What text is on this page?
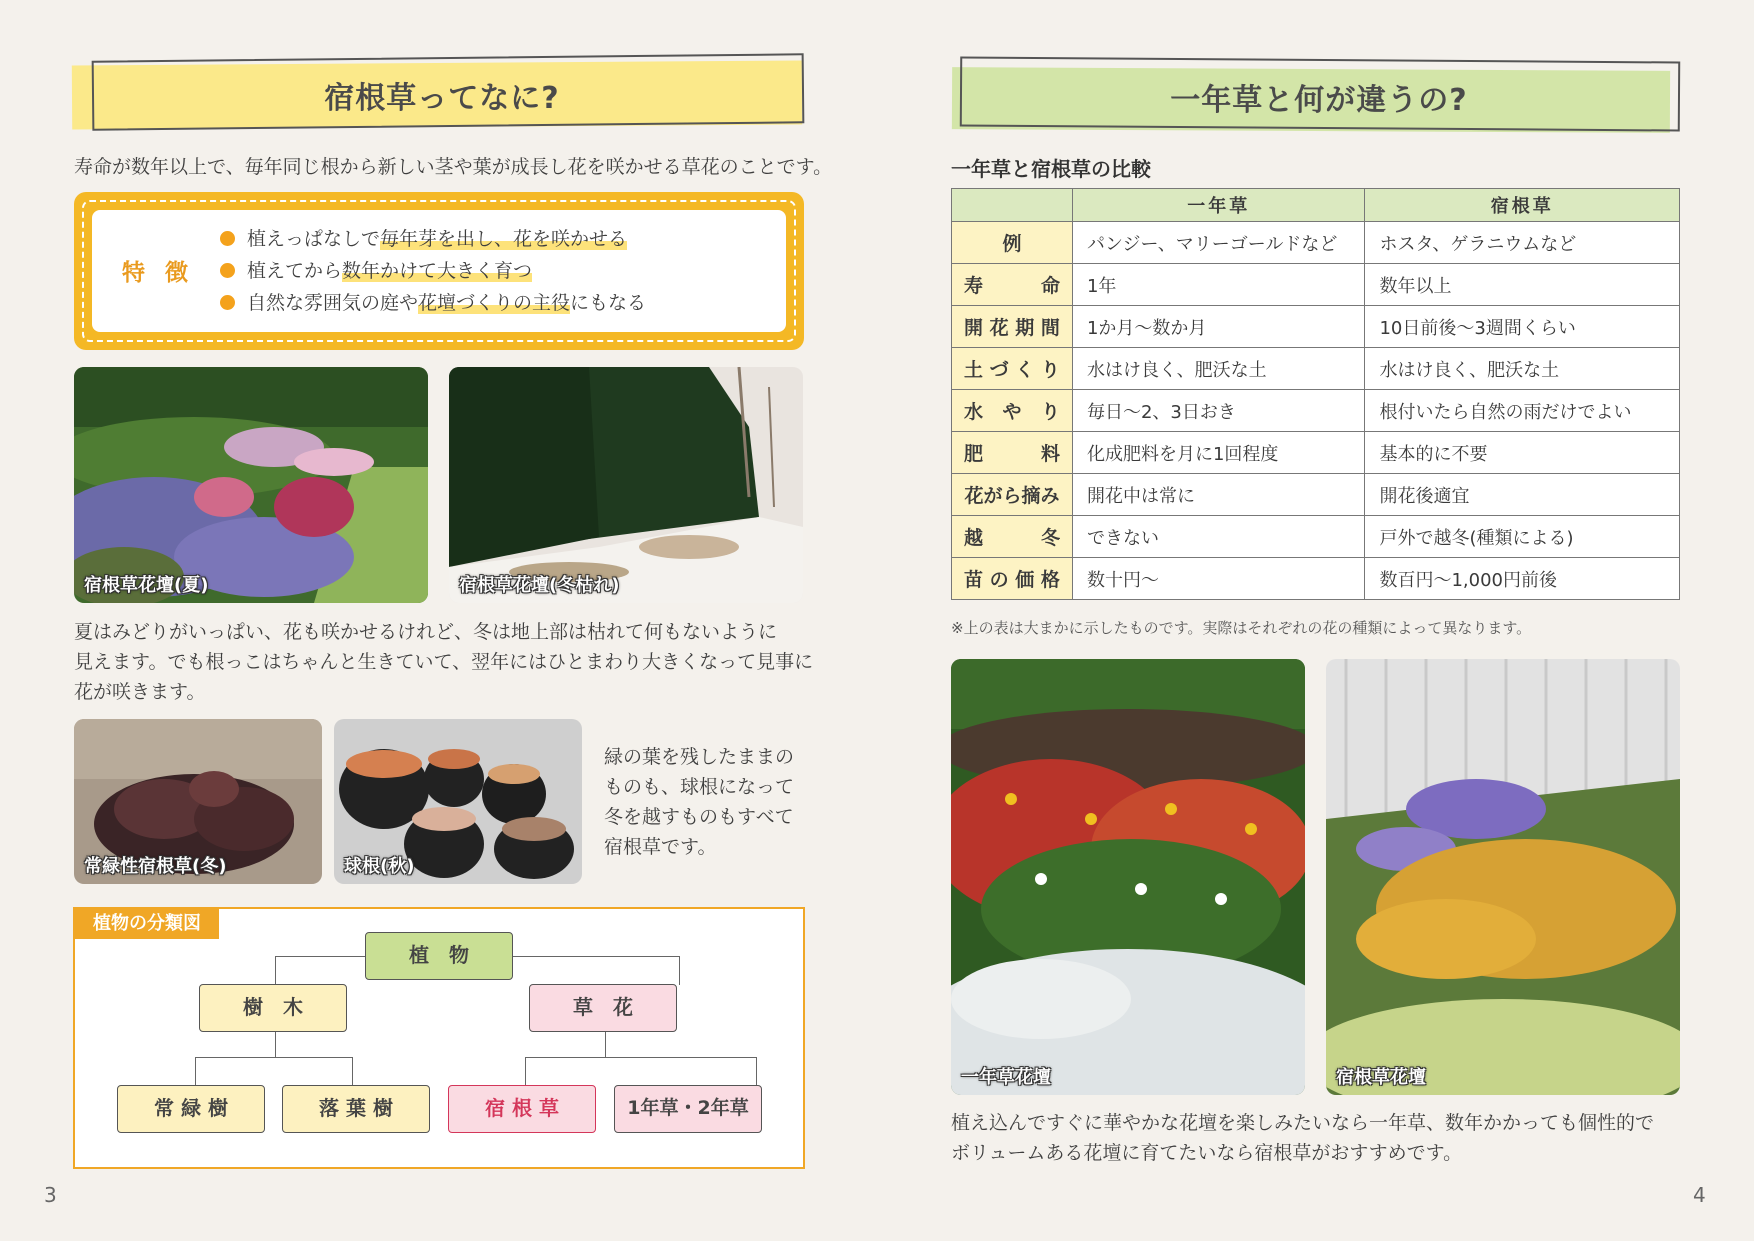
宿根草ってなに?
寿命が数年以上で、毎年同じ根から新しい茎や葉が成長し花を咲かせる草花のことです。
特 徴
植えっぱなしで毎年芽を出し、花を咲かせる
植えてから数年かけて大きく育つ
自然な雰囲気の庭や花壇づくりの主役にもなる
宿根草花壇(夏)	宿根草花壇(冬枯れ)
夏はみどりがいっぱい、花も咲かせるけれど、冬は地上部は枯れて何もないように
見えます。でも根っこはちゃんと生きていて、翌年にはひとまわり大きくなって見事に
花が咲きます。
常緑性宿根草(冬)	球根(秋)
緑の葉を残したままの
ものも、球根になって
冬を越すものもすべて
宿根草です。
植物の分類図
植　物
樹　木	草　花
常 緑 樹	落 葉 樹	宿 根 草	1年草・2年草
3
一年草と何が違うの?
一年草と宿根草の比較
	一年草	宿根草

例	パンジー、マリーゴールドなど	ホスタ、ゲラニウムなど

寿 命	1年	数年以上

開 花 期 間	1か月〜数か月	10日前後〜3週間くらい

土 づ く り	水はけ良く、肥沃な土	水はけ良く、肥沃な土

水 や り	毎日〜2、3日おき	根付いたら自然の雨だけでよい

肥 料	化成肥料を月に1回程度	基本的に不要

花がら摘み	開花中は常に	開花後適宜

越 冬	できない	戸外で越冬(種類による)

苗 の 価 格	数十円〜	数百円〜1,000円前後
※上の表は大まかに示したものです。実際はそれぞれの花の種類によって異なります。
一年草花壇	宿根草花壇
植え込んですぐに華やかな花壇を楽しみたいなら一年草、数年かかっても個性的で
ボリュームある花壇に育てたいなら宿根草がおすすめです。
4
